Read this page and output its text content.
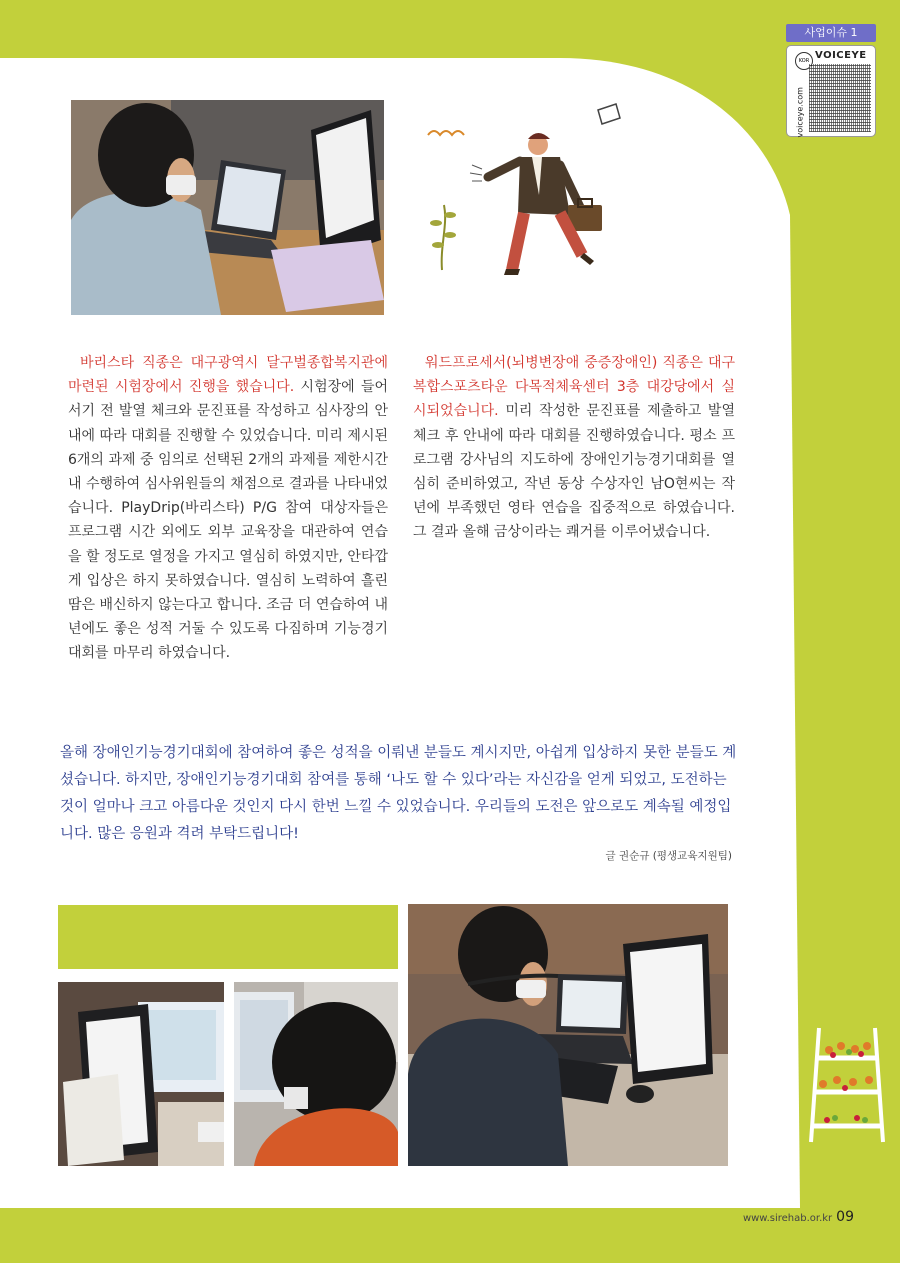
사업이슈 1
KOR VOICEYE
voiceye.com
바리스타 직종은 대구광역시 달구벌종합복지관에 마련된 시험장에서 진행을 했습니다. 시험장에 들어서기 전 발열 체크와 문진표를 작성하고 심사장의 안내에 따라 대회를 진행할 수 있었습니다. 미리 제시된 6개의 과제 중 임의로 선택된 2개의 과제를 제한시간 내 수행하여 심사위원들의 채점으로 결과를 나타내었습니다. PlayDrip(바리스타) P/G 참여 대상자들은 프로그램 시간 외에도 외부 교육장을 대관하여 연습을 할 정도로 열정을 가지고 열심히 하였지만, 안타깝게 입상은 하지 못하였습니다. 열심히 노력하여 흘린 땀은 배신하지 않는다고 합니다. 조금 더 연습하여 내년에도 좋은 성적 거둘 수 있도록 다짐하며 기능경기대회를 마무리 하였습니다.
워드프로세서(뇌병변장애 중증장애인) 직종은 대구복합스포츠타운 다목적체육센터 3층 대강당에서 실시되었습니다. 미리 작성한 문진표를 제출하고 발열체크 후 안내에 따라 대회를 진행하였습니다. 평소 프로그램 강사님의 지도하에 장애인기능경기대회를 열심히 준비하였고, 작년 동상 수상자인 남O현씨는 작년에 부족했던 영타 연습을 집중적으로 하였습니다. 그 결과 올해 금상이라는 쾌거를 이루어냈습니다.
올해 장애인기능경기대회에 참여하여 좋은 성적을 이뤄낸 분들도 계시지만, 아쉽게 입상하지 못한 분들도 계셨습니다. 하지만, 장애인기능경기대회 참여를 통해 ‘나도 할 수 있다’라는 자신감을 얻게 되었고, 도전하는 것이 얼마나 크고 아름다운 것인지 다시 한번 느낄 수 있었습니다. 우리들의 도전은 앞으로도 계속될 예정입니다. 많은 응원과 격려 부탁드립니다!
글 권순규 (평생교육지원팀)
www.sirehab.or.kr 09
